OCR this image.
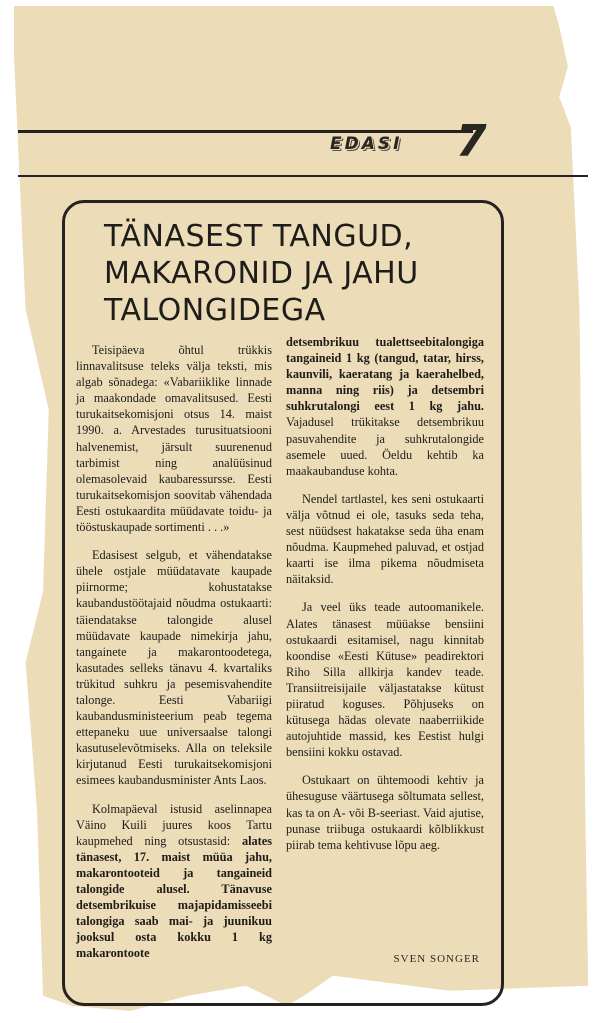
EDASI	7
TÄNASEST TANGUD,
MAKARONID JA JAHU
TALONGIDEGA

Teisipäeva õhtul trükkis linnavalitsuse teleks välja teksti, mis algab sõnadega: «Vabariiklike linnade ja maakondade omavalitsused. Eesti turukaitsekomisjoni otsus 14. maist 1990. a. Arvestades turusituatsiooni halvenemist, järsult suurenenud tarbimist ning analüüsinud olemasolevaid kaubaressursse. Eesti turukaitsekomisjon soovitab vähendada Eesti ostukaardita müüdavate toidu- ja tööstuskaupade sortimenti . . .»

Edasisest selgub, et vähendatakse ühele ostjale müüdatavate kaupade piirnorme; kohustatakse kaubandustöötajaid nõudma ostukaarti: täiendatakse talongide alusel müüdavate kaupade nimekirja jahu, tangainete ja makarontoodetega, kasutades selleks tänavu 4. kvartaliks trükitud suhkru ja pesemisvahendite talonge. Eesti Vabariigi kaubandusministeerium peab tegema ettepaneku uue universaalse talongi kasutuselevõtmiseks. Alla on teleksile kirjutanud Eesti turukaitsekomisjoni esimees kaubandusminister Ants Laos.

Kolmapäeval istusid aselinnapea Väino Kuili juures koos Tartu kaupmehed ning otsustasid: alates tänasest, 17. maist müüa jahu, makarontooteid ja tangaineid talongide alusel. Tänavuse detsembrikuise majapidamisseebi talongiga saab mai- ja juunikuu jooksul osta kokku 1 kg makarontoote

detsembrikuu tualettseebitalongiga tangaineid 1 kg (tangud, tatar, hirss, kaunvili, kaeratang ja kaerahelbed, manna ning riis) ja detsembri suhkrutalongi eest 1 kg jahu. Vajadusel trükitakse detsembrikuu pasuvahendite ja suhkrutalongide asemele uued. Öeldu kehtib ka maakaubanduse kohta.

Nendel tartlastel, kes seni ostukaarti välja võtnud ei ole, tasuks seda teha, sest nüüdsest hakatakse seda üha enam nõudma. Kaupmehed paluvad, et ostjad kaarti ise ilma pikema nõudmiseta näitaksid.

Ja veel üks teade autoomanikele. Alates tänasest müüakse bensiini ostukaardi esitamisel, nagu kinnitab koondise «Eesti Kütuse» peadirektori Riho Silla allkirja kandev teade. Transiitreisijaile väljastatakse kütust piiratud koguses. Põhjuseks on kütusega hädas olevate naaberriikide autojuhtide massid, kes Eestist hulgi bensiini kokku ostavad.

Ostukaart on ühtemoodi kehtiv ja ühesuguse väärtusega sõltumata sellest, kas ta on A- või B-seeriast. Vaid ajutise, punase triibuga ostukaardi kõlblikkust piirab tema kehtivuse lõpu aeg.

SVEN SONGER
